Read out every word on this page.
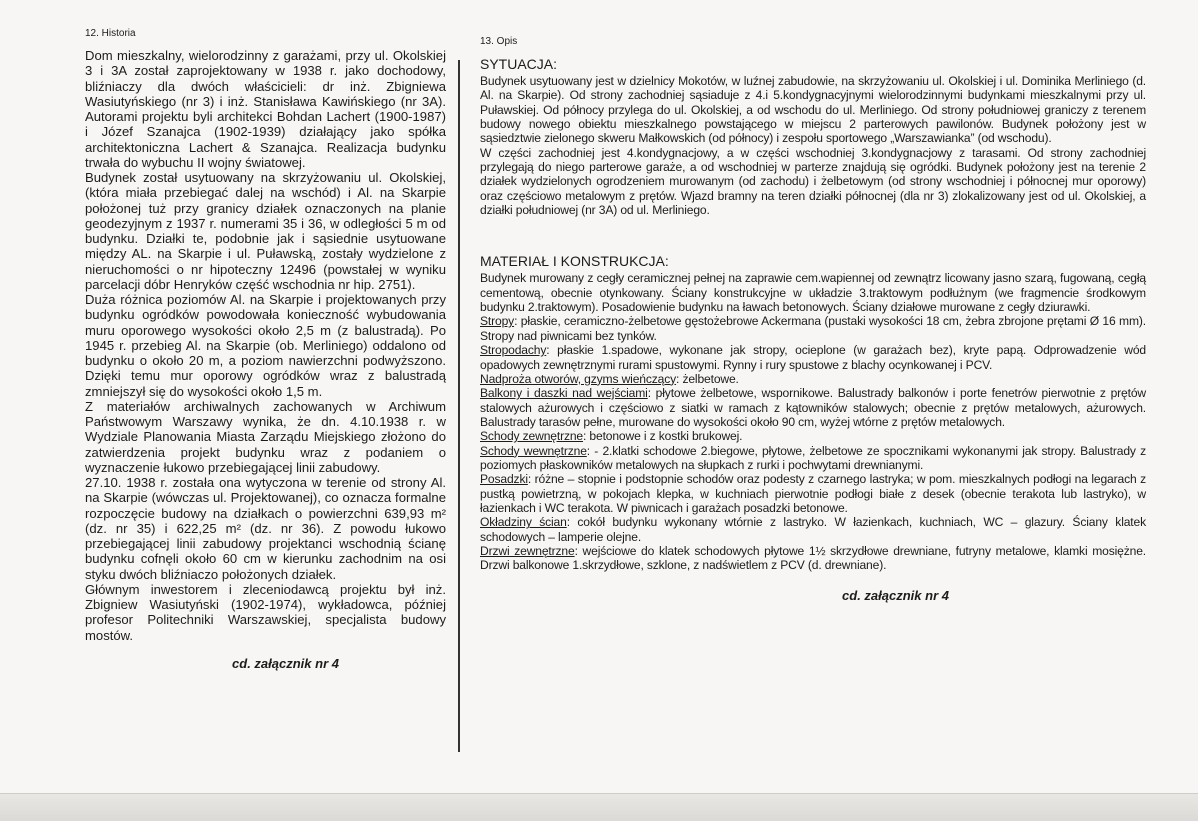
12. Historia

Dom mieszkalny, wielorodzinny z garażami, przy ul. Okolskiej 3 i 3A został zaprojektowany w 1938 r. jako dochodowy, bliźniaczy dla dwóch właścicieli: dr inż. Zbigniewa Wasiutyńskiego (nr 3) i inż. Stanisława Kawińskiego (nr 3A). Autorami projektu byli architekci Bohdan Lachert (1900-1987) i Józef Szanajca (1902-1939) działający jako spółka architektoniczna Lachert & Szanajca. Realizacja budynku trwała do wybuchu II wojny światowej.

Budynek został usytuowany na skrzyżowaniu ul. Okolskiej, (która miała przebiegać dalej na wschód) i Al. na Skarpie położonej tuż przy granicy działek oznaczonych na planie geodezyjnym z 1937 r. numerami 35 i 36, w odległości 5 m od budynku. Działki te, podobnie jak i sąsiednie usytuowane między AL. na Skarpie i ul. Puławską, zostały wydzielone z nieruchomości o nr hipoteczny 12496 (powstałej w wyniku parcelacji dóbr Henryków część wschodnia nr hip. 2751).

Duża różnica poziomów Al. na Skarpie i projektowanych przy budynku ogródków powodowała konieczność wybudowania muru oporowego wysokości około 2,5 m (z balustradą). Po 1945 r. przebieg Al. na Skarpie (ob. Merliniego) oddalono od budynku o około 20 m, a poziom nawierzchni podwyższono. Dzięki temu mur oporowy ogródków wraz z balustradą zmniejszył się do wysokości około 1,5 m.

Z materiałów archiwalnych zachowanych w Archiwum Państwowym Warszawy wynika, że dn. 4.10.1938 r. w Wydziale Planowania Miasta Zarządu Miejskiego złożono do zatwierdzenia projekt budynku wraz z podaniem o wyznaczenie łukowo przebiegającej linii zabudowy.

27.10. 1938 r. została ona wytyczona w terenie od strony Al. na Skarpie (wówczas ul. Projektowanej), co oznacza formalne rozpoczęcie budowy na działkach o powierzchni 639,93 m² (dz. nr 35) i 622,25 m² (dz. nr 36). Z powodu łukowo przebiegającej linii zabudowy projektanci wschodnią ścianę budynku cofnęli około 60 cm w kierunku zachodnim na osi styku dwóch bliźniaczo położonych działek.

Głównym inwestorem i zleceniodawcą projektu był inż. Zbigniew Wasiutyński (1902-1974), wykładowca, później profesor Politechniki Warszawskiej, specjalista budowy mostów.

cd. załącznik nr 4
13. Opis
SYTUACJA:

Budynek usytuowany jest w dzielnicy Mokotów, w luźnej zabudowie, na skrzyżowaniu ul. Okolskiej i ul. Dominika Merliniego (d. Al. na Skarpie). Od strony zachodniej sąsiaduje z 4.i 5.kondygnacyjnymi wielorodzinnymi budynkami mieszkalnymi przy ul. Puławskiej. Od północy przylega do ul. Okolskiej, a od wschodu do ul. Merliniego. Od strony południowej graniczy z terenem budowy nowego obiektu mieszkalnego powstającego w miejscu 2 parterowych pawilonów. Budynek położony jest w sąsiedztwie zielonego skweru Małkowskich (od północy) i zespołu sportowego „Warszawianka” (od wschodu).

W części zachodniej jest 4.kondygnacjowy, a w części wschodniej 3.kondygnacjowy z tarasami. Od strony zachodniej przylegają do niego parterowe garaże, a od wschodniej w parterze znajdują się ogródki. Budynek położony jest na terenie 2 działek wydzielonych ogrodzeniem murowanym (od zachodu) i żelbetowym (od strony wschodniej i północnej mur oporowy) oraz częściowo metalowym z prętów. Wjazd bramny na teren działki północnej (dla nr 3) zlokalizowany jest od ul. Okolskiej, a działki południowej (nr 3A) od ul. Merliniego.

MATERIAŁ I KONSTRUKCJA:

Budynek murowany z cegły ceramicznej pełnej na zaprawie cem.wapiennej od zewnątrz licowany jasno szarą, fugowaną, cegłą cementową, obecnie otynkowany. Ściany konstrukcyjne w układzie 3.traktowym podłużnym (we fragmencie środkowym budynku 2.traktowym). Posadowienie budynku na ławach betonowych. Ściany działowe murowane z cegły dziurawki.

Stropy: płaskie, ceramiczno-żelbetowe gęstożebrowe Ackermana (pustaki wysokości 18 cm, żebra zbrojone prętami Ø 16 mm). Stropy nad piwnicami bez tynków.

Stropodachy: płaskie 1.spadowe, wykonane jak stropy, ocieplone (w garażach bez), kryte papą. Odprowadzenie wód opadowych zewnętrznymi rurami spustowymi. Rynny i rury spustowe z blachy ocynkowanej i PCV.

Nadproża otworów, gzyms wieńczący: żelbetowe.

Balkony i daszki nad wejściami: płytowe żelbetowe, wspornikowe. Balustrady balkonów i porte fenetrów pierwotnie z prętów stalowych ażurowych i częściowo z siatki w ramach z kątowników stalowych; obecnie z prętów metalowych, ażurowych. Balustrady tarasów pełne, murowane do wysokości około 90 cm, wyżej wtórne z prętów metalowych.

Schody zewnętrzne: betonowe i z kostki brukowej.

Schody wewnętrzne: - 2.klatki schodowe 2.biegowe, płytowe, żelbetowe ze spocznikami wykonanymi jak stropy. Balustrady z poziomych płaskowników metalowych na słupkach z rurki i pochwytami drewnianymi.

Posadzki: różne – stopnie i podstopnie schodów oraz podesty z czarnego lastryka; w pom. mieszkalnych podłogi na legarach z pustką powietrzną, w pokojach klepka, w kuchniach pierwotnie podłogi białe z desek (obecnie terakota lub lastryko), w łazienkach i WC terakota. W piwnicach i garażach posadzki betonowe.

Okładziny ścian: cokół budynku wykonany wtórnie z lastryko. W łazienkach, kuchniach, WC – glazury. Ściany klatek schodowych – lamperie olejne.

Drzwi zewnętrzne: wejściowe do klatek schodowych płytowe 1½ skrzydłowe drewniane, futryny metalowe, klamki mosiężne. Drzwi balkonowe 1.skrzydłowe, szklone, z nadświetlem z PCV (d. drewniane).

cd. załącznik nr 4
